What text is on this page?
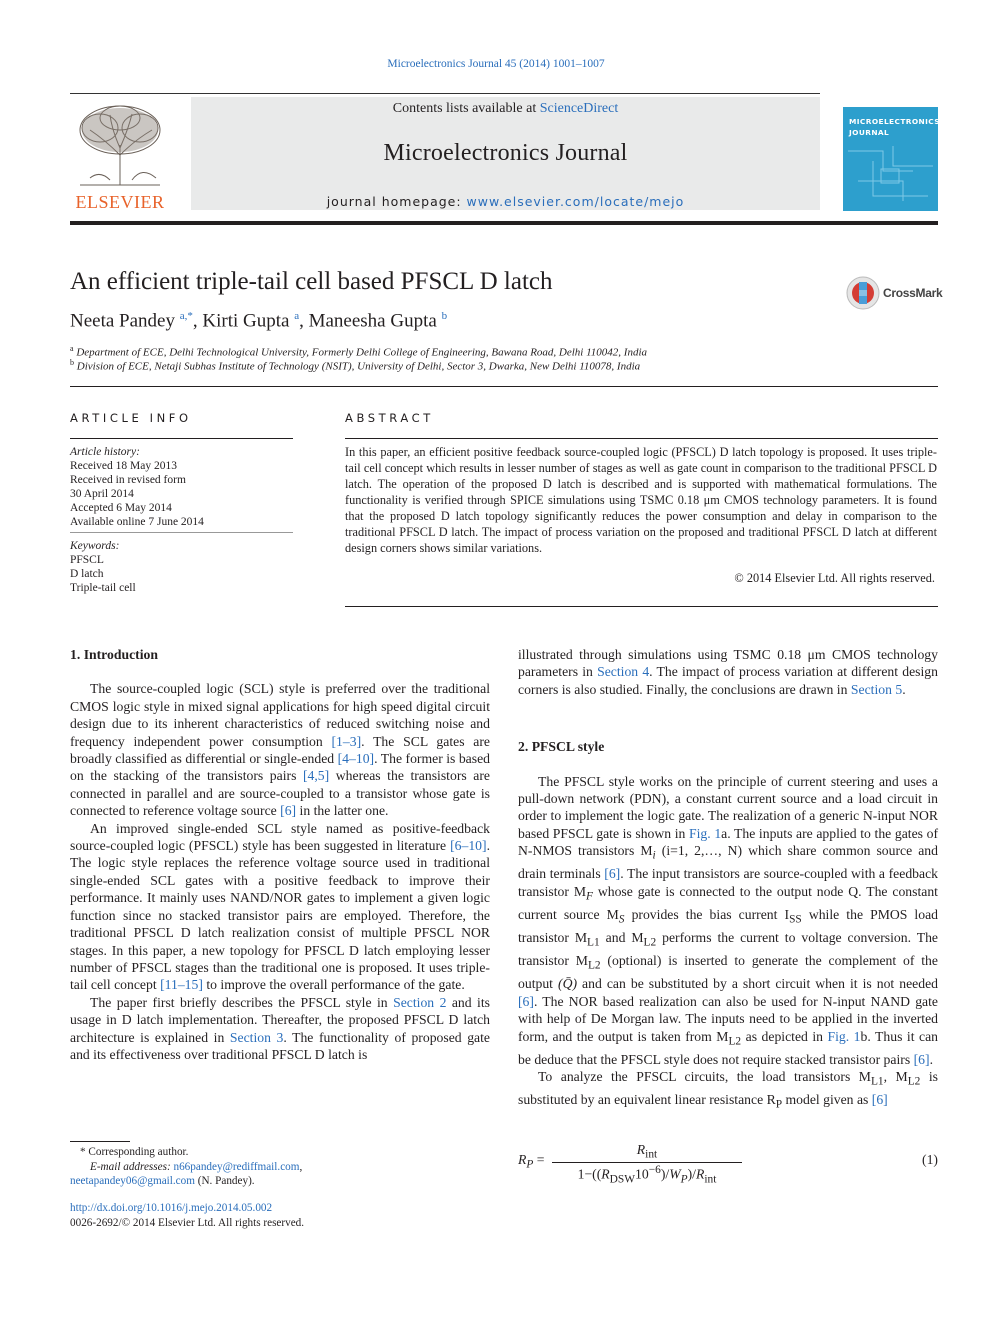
Microelectronics Journal 45 (2014) 1001–1007
ELSEVIER
Contents lists available at ScienceDirect
Microelectronics Journal
journal homepage: www.elsevier.com/locate/mejo
MICROELECTRONICS
JOURNAL
An efficient triple-tail cell based PFSCL D latch	CrossMark
Neeta Pandey $^{a,*}$, Kirti Gupta $^a$, Maneesha Gupta $^b$
$^a$ Department of ECE, Delhi Technological University, Formerly Delhi College of Engineering, Bawana Road, Delhi 110042, India
$^b$ Division of ECE, Netaji Subhas Institute of Technology (NSIT), University of Delhi, Sector 3, Dwarka, New Delhi 110078, India
ARTICLE INFO
Article history:
Received 18 May 2013
Received in revised form
30 April 2014
Accepted 6 May 2014
Available online 7 June 2014
Keywords:
PFSCL
D latch
Triple-tail cell
ABSTRACT
In this paper, an efficient positive feedback source-coupled logic (PFSCL) D latch topology is proposed. It uses triple-tail cell concept which results in lesser number of stages as well as gate count in comparison to the traditional PFSCL D latch. The operation of the proposed D latch is described and is supported with mathematical formulations. The functionality is verified through SPICE simulations using TSMC 0.18 μm CMOS technology parameters. It is found that the proposed D latch topology significantly reduces the power consumption and delay in comparison to the traditional PFSCL D latch. The impact of process variation on the proposed and traditional PFSCL D latch at different design corners shows similar variations.
© 2014 Elsevier Ltd. All rights reserved.
1. Introduction

The source-coupled logic (SCL) style is preferred over the traditional CMOS logic style in mixed signal applications for high speed digital circuit design due to its inherent characteristics of reduced switching noise and frequency independent power consumption [1–3]. The SCL gates are broadly classified as differential or single-ended [4–10]. The former is based on the stacking of the transistors pairs [4,5] whereas the transistors are connected in parallel and are source-coupled to a transistor whose gate is connected to reference voltage source [6] in the latter one.

An improved single-ended SCL style named as positive-feedback source-coupled logic (PFSCL) style has been suggested in literature [6–10]. The logic style replaces the reference voltage source used in traditional single-ended SCL gates with a positive feedback to improve their performance. It mainly uses NAND/NOR gates to implement a given logic function since no stacked transistor pairs are employed. Therefore, the traditional PFSCL D latch realization consist of multiple PFSCL NOR stages. In this paper, a new topology for PFSCL D latch employing lesser number of PFSCL stages than the traditional one is proposed. It uses triple-tail cell concept [11–15] to improve the overall performance of the gate.

The paper first briefly describes the PFSCL style in Section 2 and its usage in D latch implementation. Thereafter, the proposed PFSCL D latch architecture is explained in Section 3. The functionality of proposed gate and its effectiveness over traditional PFSCL D latch is

illustrated through simulations using TSMC 0.18 μm CMOS technology parameters in Section 4. The impact of process variation at different design corners is also studied. Finally, the conclusions are drawn in Section 5.

2. PFSCL style

The PFSCL style works on the principle of current steering and uses a pull-down network (PDN), a constant current source and a load circuit in order to implement the logic gate. The realization of a generic N-input NOR based PFSCL gate is shown in Fig. 1a. The inputs are applied to the gates of N-NMOS transistors $M_i$ (i=1, 2,…, N) which share common source and drain terminals [6]. The input transistors are source-coupled with a feedback transistor $M_F$ whose gate is connected to the output node Q. The constant current source $M_S$ provides the bias current $I_{SS}$ while the PMOS load transistor $M_{L1}$ and $M_{L2}$ performs the current to voltage conversion. The transistor $M_{L2}$ (optional) is inserted to generate the complement of the output (Q̄) and can be substituted by a short circuit when it is not needed [6]. The NOR based realization can also be used for N-input NAND gate with help of De Morgan law. The inputs need to be applied in the inverted form, and the output is taken from $M_{L2}$ as depicted in Fig. 1b. Thus it can be deduce that the PFSCL style does not require stacked transistor pairs [6].

To analyze the PFSCL circuits, the load transistors $M_{L1}$, $M_{L2}$ is substituted by an equivalent linear resistance $R_P$ model given as [6]

$R_P$ =
$R_{int}$
$1-((R_{DSW}10^{-6})/W_P)/R_{int}$
(1)
* Corresponding author.
E-mail addresses: n66pandey@rediffmail.com,
neetapandey06@gmail.com (N. Pandey).
http://dx.doi.org/10.1016/j.mejo.2014.05.002
0026-2692/© 2014 Elsevier Ltd. All rights reserved.
